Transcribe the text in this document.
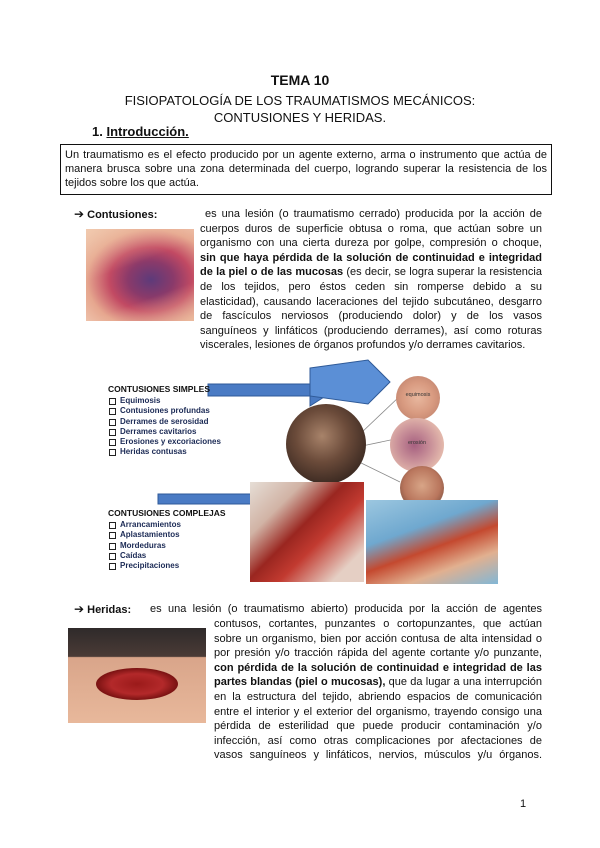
TEMA 10
FISIOPATOLOGÍA DE LOS TRAUMATISMOS MECÁNICOS:
CONTUSIONES Y HERIDAS.
1. Introducción.
Un traumatismo es el efecto producido por un agente externo, arma o instrumento que actúa de manera brusca sobre una zona determinada del cuerpo, logrando superar la resistencia de los tejidos sobre los que actúa.
➔ Contusiones:	es una lesión (o traumatismo cerrado) producida por la acción de cuerpos duros de superficie obtusa o roma, que actúan sobre un organismo con una cierta dureza por golpe, compresión o choque, sin que haya pérdida de la solución de continuidad e integridad de la piel o de las mucosas (es decir, se logra superar la resistencia de los tejidos, pero éstos ceden sin romperse debido a su elasticidad), causando laceraciones del tejido subcutáneo, desgarro de fascículos nerviosos (produciendo dolor) y de los vasos sanguíneos y linfáticos (produciendo derrames), así como roturas viscerales, lesiones de órganos profundos y/o derrames cavitarios.
CONTUSIONES SIMPLES
Equimosis
Contusiones profundas
Derrames de serosidad
Derrames cavitarios
Erosiones y excoriaciones
Heridas contusas
equimosis
erosión
CONTUSIONES COMPLEJAS
Arrancamientos
Aplastamientos
Mordeduras
Caídas
Precipitaciones
➔ Heridas:
contusos, cortantes, punzantes o cortopunzantes, que actúan
sobre un organismo, bien por acción contusa de alta intensidad o
por presión y/o tracción rápida del agente cortante y/o punzante,
con pérdida de la solución de continuidad e integridad de las
partes blandas (piel o mucosas), que da lugar a una interrupción
en la estructura del tejido, abriendo espacios de comunicación
entre el interior y el exterior del organismo, trayendo consigo una
pérdida de esterilidad que puede producir contaminación y/o
infección, así como otras complicaciones por afectaciones de
vasos sanguíneos y linfáticos, nervios, músculos y/u órganos.
1
es una lesión (o traumatismo abierto) producida por la acción de agentes
